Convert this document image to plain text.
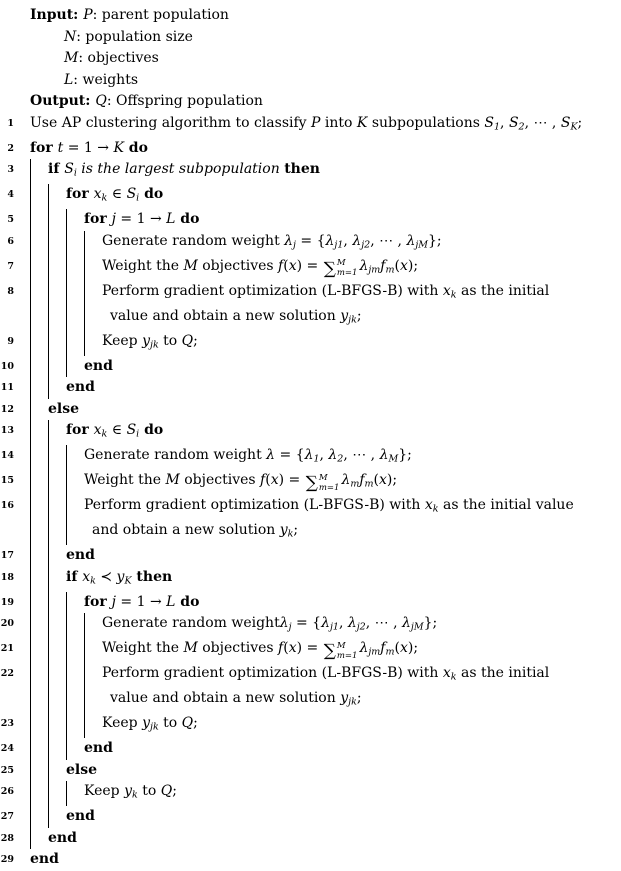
Input: P: parent population
N: population size
M: objectives
L: weights
Output: Q: Offspring population
1 Use AP clustering algorithm to classify P into K subpopulations S1, S2, ⋯ , SK;
2 for t = 1 → K do
3 if Si is the largest subpopulation then
4	for xk ∈ Si do
5	for j = 1 → L do
6	Generate random weight λj = {λj1, λj2, ⋯ , λjM};
7	Weight the M objectives f(x) = ∑ M
m=1 λjmfm(x);
8	Perform gradient optimization (L-BFGS-B) with xk as the initial
value and obtain a new solution yjk;
9	Keep yjk to Q;
10	end
11	end
12 else
13	for xk ∈ Si do
14	Generate random weight λ = {λ1, λ2, ⋯ , λM};
15	Weight the M objectives f(x) = ∑ M
m=1 λmfm(x);
16	Perform gradient optimization (L-BFGS-B) with xk as the initial value
and obtain a new solution yk;
17	end
18	if xk ≺ yK then
19	for j = 1 → L do
20	Generate random weightλj = {λj1, λj2, ⋯ , λjM};
21	Weight the M objectives f(x) = ∑ M
m=1 λjmfm(x);
22	Perform gradient optimization (L-BFGS-B) with xk as the initial
value and obtain a new solution yjk;
23	Keep yjk to Q;
24	end
25	else
26	Keep yk to Q;
27	end
28 end
29 end
